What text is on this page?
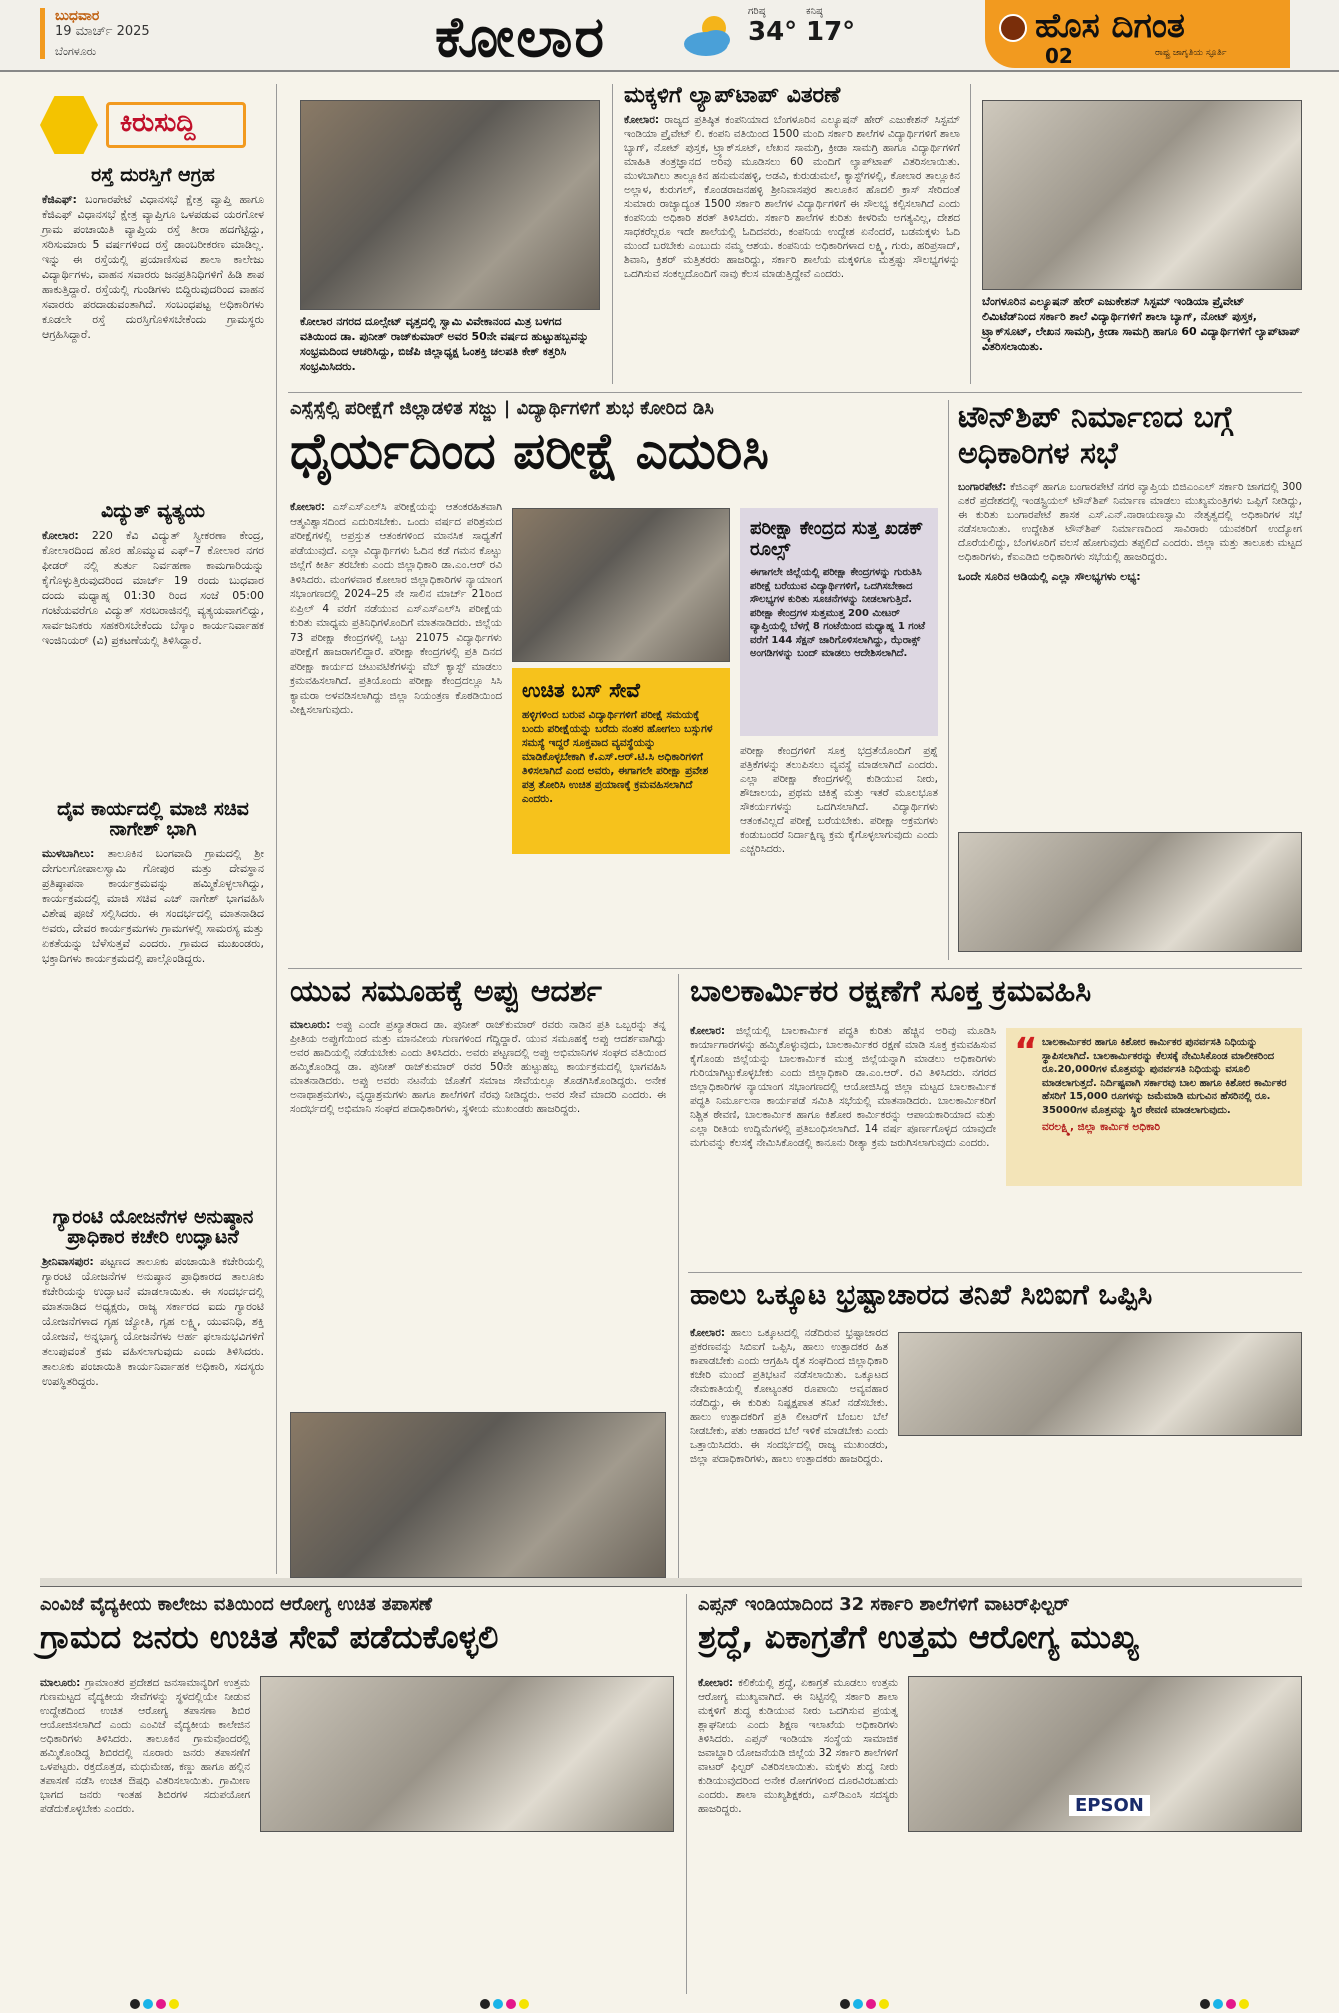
ಬುಧವಾರ
19 ಮಾರ್ಚ್ 2025
ಬೆಂಗಳೂರು	ಕೋಲಾರ	ಗರಿಷ್ಠ
34°
ಕನಿಷ್ಠ
17°	ಹೊಸ ದಿಗಂತ
ರಾಷ್ಟ್ರ ಜಾಗೃತಿಯ ಸ್ಫೂರ್ತಿ
02
ಕಿರುಸುದ್ದಿ
ರಸ್ತೆ ದುರಸ್ತಿಗೆ ಆಗ್ರಹ
ಕೆಜಿಎಫ್: ಬಂಗಾರಪೇಟೆ ವಿಧಾನಸಭೆ ಕ್ಷೇತ್ರ ವ್ಯಾಪ್ತಿ ಹಾಗೂ ಕೆಜಿಎಫ್ ವಿಧಾನಸಭೆ ಕ್ಷೇತ್ರ ವ್ಯಾಪ್ತಿಗೂ ಒಳಪಡುವ ಯರಗೋಳ ಗ್ರಾಮ ಪಂಚಾಯಿತಿ ವ್ಯಾಪ್ತಿಯ ರಸ್ತೆ ತೀರಾ ಹದಗೆಟ್ಟಿದ್ದು, ಸರಿಸುಮಾರು 5 ವರ್ಷಗಳಿಂದ ರಸ್ತೆ ಡಾಂಬರೀಕರಣ ಮಾಡಿಲ್ಲ. ಇನ್ನು ಈ ರಸ್ತೆಯಲ್ಲಿ ಪ್ರಯಾಣಿಸುವ ಶಾಲಾ ಕಾಲೇಜು ವಿದ್ಯಾರ್ಥಿಗಳು, ವಾಹನ ಸವಾರರು ಜನಪ್ರತಿನಿಧಿಗಳಿಗೆ ಹಿಡಿ ಶಾಪ ಹಾಕುತ್ತಿದ್ದಾರೆ. ರಸ್ತೆಯಲ್ಲಿ ಗುಂಡಿಗಳು ಬಿದ್ದಿರುವುದರಿಂದ ವಾಹನ ಸವಾರರು ಪರದಾಡುವಂತಾಗಿದೆ. ಸಂಬಂಧಪಟ್ಟ ಅಧಿಕಾರಿಗಳು ಕೂಡಲೇ ರಸ್ತೆ ದುರಸ್ತಿಗೊಳಿಸಬೇಕೆಂದು ಗ್ರಾಮಸ್ಥರು ಆಗ್ರಹಿಸಿದ್ದಾರೆ.
ವಿದ್ಯುತ್ ವ್ಯತ್ಯಯ
ಕೋಲಾರ: 220 ಕೆವಿ ವಿದ್ಯುತ್ ಸ್ವೀಕರಣಾ ಕೇಂದ್ರ, ಕೋಲಾರದಿಂದ ಹೊರ ಹೊಮ್ಮುವ ಎಫ್–7 ಕೋಲಾರ ನಗರ ಫೀಡರ್ ನಲ್ಲಿ ತುರ್ತು ನಿರ್ವಹಣಾ ಕಾಮಗಾರಿಯನ್ನು ಕೈಗೊಳ್ಳುತ್ತಿರುವುದರಿಂದ ಮಾರ್ಚ್ 19 ರಂದು ಬುಧವಾರ ದಂದು ಮಧ್ಯಾಹ್ನ 01:30 ರಿಂದ ಸಂಜೆ 05:00 ಗಂಟೆಯವರೆಗೂ ವಿದ್ಯುತ್ ಸರಬರಾಜಿನಲ್ಲಿ ವ್ಯತ್ಯಯವಾಗಲಿದ್ದು, ಸಾರ್ವಜನಿಕರು ಸಹಕರಿಸಬೇಕೆಂದು ಬೆಸ್ಕಾಂ ಕಾರ್ಯನಿರ್ವಾಹಕ ಇಂಜಿನಿಯರ್ (ವಿ) ಪ್ರಕಟಣೆಯಲ್ಲಿ ತಿಳಿಸಿದ್ದಾರೆ.
ದೈವ ಕಾರ್ಯದಲ್ಲಿ ಮಾಜಿ ಸಚಿವ ನಾಗೇಶ್ ಭಾಗಿ
ಮುಳಬಾಗಿಲು: ತಾಲೂಕಿನ ಬಂಗವಾದಿ ಗ್ರಾಮದಲ್ಲಿ ಶ್ರೀ ದೇಗುಲಗೋಪಾಲಸ್ವಾಮಿ ಗೋಪುರ ಮತ್ತು ದೇವಸ್ಥಾನ ಪ್ರತಿಷ್ಠಾಪನಾ ಕಾರ್ಯಕ್ರಮವನ್ನು ಹಮ್ಮಿಕೊಳ್ಳಲಾಗಿದ್ದು, ಕಾರ್ಯಕ್ರಮದಲ್ಲಿ ಮಾಜಿ ಸಚಿವ ಎಚ್ ನಾಗೇಶ್ ಭಾಗವಹಿಸಿ ವಿಶೇಷ ಪೂಜೆ ಸಲ್ಲಿಸಿದರು. ಈ ಸಂದರ್ಭದಲ್ಲಿ ಮಾತನಾಡಿದ ಅವರು, ದೇವರ ಕಾರ್ಯಕ್ರಮಗಳು ಗ್ರಾಮಗಳಲ್ಲಿ ಸಾಮರಸ್ಯ ಮತ್ತು ಏಕತೆಯನ್ನು ಬೆಳೆಸುತ್ತವೆ ಎಂದರು. ಗ್ರಾಮದ ಮುಖಂಡರು, ಭಕ್ತಾದಿಗಳು ಕಾರ್ಯಕ್ರಮದಲ್ಲಿ ಪಾಲ್ಗೊಂಡಿದ್ದರು.
ಗ್ಯಾರಂಟಿ ಯೋಜನೆಗಳ ಅನುಷ್ಠಾನ ಪ್ರಾಧಿಕಾರ ಕಚೇರಿ ಉದ್ಘಾಟನೆ
ಶ್ರೀನಿವಾಸಪುರ: ಪಟ್ಟಣದ ತಾಲೂಕು ಪಂಚಾಯಿತಿ ಕಚೇರಿಯಲ್ಲಿ ಗ್ಯಾರಂಟಿ ಯೋಜನೆಗಳ ಅನುಷ್ಠಾನ ಪ್ರಾಧಿಕಾರದ ತಾಲೂಕು ಕಚೇರಿಯನ್ನು ಉದ್ಘಾಟನೆ ಮಾಡಲಾಯಿತು. ಈ ಸಂದರ್ಭದಲ್ಲಿ ಮಾತನಾಡಿದ ಅಧ್ಯಕ್ಷರು, ರಾಜ್ಯ ಸರ್ಕಾರದ ಐದು ಗ್ಯಾರಂಟಿ ಯೋಜನೆಗಳಾದ ಗೃಹ ಜ್ಯೋತಿ, ಗೃಹ ಲಕ್ಷ್ಮಿ, ಯುವನಿಧಿ, ಶಕ್ತಿ ಯೋಜನೆ, ಅನ್ನಭಾಗ್ಯ ಯೋಜನೆಗಳು ಅರ್ಹ ಫಲಾನುಭವಿಗಳಿಗೆ ತಲುಪುವಂತೆ ಕ್ರಮ ವಹಿಸಲಾಗುವುದು ಎಂದು ತಿಳಿಸಿದರು. ತಾಲೂಕು ಪಂಚಾಯಿತಿ ಕಾರ್ಯನಿರ್ವಾಹಕ ಅಧಿಕಾರಿ, ಸದಸ್ಯರು ಉಪಸ್ಥಿತರಿದ್ದರು.
ಕೋಲಾರ ನಗರದ ದೂಲ್ಸೇಟ್ ವೃತ್ತದಲ್ಲಿ ಸ್ವಾಮಿ ವಿವೇಕಾನಂದ ಮಿತ್ರ ಬಳಗದ ವತಿಯಿಂದ ಡಾ. ಪುನೀತ್ ರಾಜ್‌ಕುಮಾರ್ ಅವರ 50ನೇ ವರ್ಷದ ಹುಟ್ಟುಹಬ್ಬವನ್ನು ಸಂಭ್ರಮದಿಂದ ಆಚರಿಸಿದ್ದು, ಬಿಜೆಪಿ ಜಿಲ್ಲಾಧ್ಯಕ್ಷ ಓಂಶಕ್ತಿ ಚಲಪತಿ ಕೇಕ್ ಕತ್ತರಿಸಿ ಸಂಭ್ರಮಿಸಿದರು.
ಮಕ್ಕಳಿಗೆ ಲ್ಯಾಪ್‌ಟಾಪ್ ವಿತರಣೆ
ಕೋಲಾರ: ರಾಜ್ಯದ ಪ್ರತಿಷ್ಠಿತ ಕಂಪನಿಯಾದ ಬೆಂಗಳೂರಿನ ಎಲ್ಯೂಷನ್ ಹೇರ್ ಎಜುಕೇಶನ್ ಸಿಸ್ಟಮ್ ಇಂಡಿಯಾ ಪ್ರೈವೇಟ್ ಲಿ. ಕಂಪನಿ ವತಿಯಿಂದ 1500 ಮಂದಿ ಸರ್ಕಾರಿ ಶಾಲೆಗಳ ವಿದ್ಯಾರ್ಥಿಗಳಿಗೆ ಶಾಲಾ ಬ್ಯಾಗ್, ನೋಟ್ ಪುಸ್ತಕ, ಟ್ರ್ಯಾಕ್‌ಸೂಟ್, ಲೇಖನ ಸಾಮಗ್ರಿ, ಕ್ರೀಡಾ ಸಾಮಗ್ರಿ ಹಾಗೂ ವಿದ್ಯಾರ್ಥಿಗಳಿಗೆ ಮಾಹಿತಿ ತಂತ್ರಜ್ಞಾನದ ಅರಿವು ಮೂಡಿಸಲು 60 ಮಂದಿಗೆ ಲ್ಯಾಪ್‌ಟಾಪ್ ವಿತರಿಸಲಾಯಿತು. ಮುಳಬಾಗಿಲು ತಾಲ್ಲೂಕಿನ ಹನುಮನಹಳ್ಳಿ, ಅಡವಿ, ಕುರುಡುಮಲೆ, ಕ್ಯಾಸ್ಟ್‌ಗಳಲ್ಲಿ, ಕೋಲಾರ ತಾಲ್ಲೂಕಿನ ಅಲ್ಲಾಳ, ಕುರುಗಲ್, ಕೊಂಡರಾಜನಹಳ್ಳಿ ಶ್ರೀನಿವಾಸಪುರ ತಾಲೂಕಿನ ಹೊದಲಿ ಕ್ರಾಸ್ ಸೇರಿದಂತೆ ಸುಮಾರು ರಾಜ್ಯಾದ್ಯಂತ 1500 ಸರ್ಕಾರಿ ಶಾಲೆಗಳ ವಿದ್ಯಾರ್ಥಿಗಳಿಗೆ ಈ ಸೌಲಭ್ಯ ಕಲ್ಪಿಸಲಾಗಿದೆ ಎಂದು ಕಂಪನಿಯ ಅಧಿಕಾರಿ ಶರತ್ ತಿಳಿಸಿದರು. ಸರ್ಕಾರಿ ಶಾಲೆಗಳ ಕುರಿತು ಕೀಳರಿಮೆ ಅಗತ್ಯವಿಲ್ಲ, ದೇಶದ ಸಾಧಕರೆಲ್ಲರೂ ಇದೇ ಶಾಲೆಯಲ್ಲಿ ಓದಿದವರು, ಕಂಪನಿಯ ಉದ್ದೇಶ ಏನೆಂದರೆ, ಬಡಮಕ್ಕಳು ಓದಿ ಮುಂದೆ ಬರಬೇಕು ಎಂಬುದು ನಮ್ಮ ಆಶಯ. ಕಂಪನಿಯ ಅಧಿಕಾರಿಗಳಾದ ಲಕ್ಷ್ಮಿ, ಗುರು, ಹರಿಪ್ರಸಾದ್, ಶಿವಾನಿ, ಕ್ರಿಶರ್ ಮತ್ತಿತರರು ಹಾಜರಿದ್ದು, ಸರ್ಕಾರಿ ಶಾಲೆಯ ಮಕ್ಕಳಿಗೂ ಮತ್ತಷ್ಟು ಸೌಲಭ್ಯಗಳನ್ನು ಒದಗಿಸುವ ಸಂಕಲ್ಪದೊಂದಿಗೆ ನಾವು ಕೆಲಸ ಮಾಡುತ್ತಿದ್ದೇವೆ ಎಂದರು.
ಬೆಂಗಳೂರಿನ ಎಲ್ಯೂಷನ್ ಹೇರ್ ಎಜುಕೇಶನ್ ಸಿಸ್ಟಮ್ ಇಂಡಿಯಾ ಪ್ರೈವೇಟ್ ಲಿಮಿಟೆಡ್‌ನಿಂದ ಸರ್ಕಾರಿ ಶಾಲೆ ವಿದ್ಯಾರ್ಥಿಗಳಿಗೆ ಶಾಲಾ ಬ್ಯಾಗ್, ನೋಟ್ ಪುಸ್ತಕ, ಟ್ರ್ಯಾಕ್‌ಸೂಟ್, ಲೇಖನ ಸಾಮಗ್ರಿ, ಕ್ರೀಡಾ ಸಾಮಗ್ರಿ ಹಾಗೂ 60 ವಿದ್ಯಾರ್ಥಿಗಳಿಗೆ ಲ್ಯಾಪ್‌ಟಾಪ್ ವಿತರಿಸಲಾಯಿತು.
ಎಸ್ಸೆಸ್ಸೆಲ್ಸಿ ಪರೀಕ್ಷೆಗೆ ಜಿಲ್ಲಾಡಳಿತ ಸಜ್ಜು | ವಿದ್ಯಾರ್ಥಿಗಳಿಗೆ ಶುಭ ಕೋರಿದ ಡಿಸಿ
ಧೈರ್ಯದಿಂದ ಪರೀಕ್ಷೆ ಎದುರಿಸಿ
ಕೋಲಾರ: ಎಸ್ಎಸ್ಎಲ್‌ಸಿ ಪರೀಕ್ಷೆಯನ್ನು ಆತಂಕರಹಿತವಾಗಿ ಆತ್ಮವಿಶ್ವಾಸದಿಂದ ಎದುರಿಸಬೇಕು. ಒಂದು ವರ್ಷದ ಪರಿಶ್ರಮದ ಪರೀಕ್ಷೆಗಳಲ್ಲಿ ಅಪ್ರಸ್ತುತ ಆತಂಕಗಳಿಂದ ಮಾನಸಿಕ ಸಾಧ್ಯತೆಗೆ ಪಡೆಯುವುದೆ. ಎಲ್ಲಾ ವಿದ್ಯಾರ್ಥಿಗಳು ಓದಿನ ಕಡೆ ಗಮನ ಕೊಟ್ಟು ಜಿಲ್ಲೆಗೆ ಕೀರ್ತಿ ತರಬೇಕು ಎಂದು ಜಿಲ್ಲಾಧಿಕಾರಿ ಡಾ.ಎಂ.ಆರ್ ರವಿ ತಿಳಿಸಿದರು. ಮಂಗಳವಾರ ಕೋಲಾರ ಜಿಲ್ಲಾಧಿಕಾರಿಗಳ ನ್ಯಾಯಾಂಗ ಸಭಾಂಗಣದಲ್ಲಿ 2024–25 ನೇ ಸಾಲಿನ ಮಾರ್ಚ್ 21ರಿಂದ ಏಪ್ರಿಲ್ 4 ವರೆಗೆ ನಡೆಯುವ ಎಸ್ಎಸ್ಎಲ್‌ಸಿ ಪರೀಕ್ಷೆಯ ಕುರಿತು ಮಾಧ್ಯಮ ಪ್ರತಿನಿಧಿಗಳೊಂದಿಗೆ ಮಾತನಾಡಿದರು. ಜಿಲ್ಲೆಯ 73 ಪರೀಕ್ಷಾ ಕೇಂದ್ರಗಳಲ್ಲಿ ಒಟ್ಟು 21075 ವಿದ್ಯಾರ್ಥಿಗಳು ಪರೀಕ್ಷೆಗೆ ಹಾಜರಾಗಲಿದ್ದಾರೆ. ಪರೀಕ್ಷಾ ಕೇಂದ್ರಗಳಲ್ಲಿ ಪ್ರತಿ ದಿನದ ಪರೀಕ್ಷಾ ಕಾರ್ಯದ ಚಟುವಟಿಕೆಗಳನ್ನು ವೆಬ್ ಕ್ಯಾಸ್ಟ್ ಮಾಡಲು ಕ್ರಮವಹಿಸಲಾಗಿದೆ. ಪ್ರತಿಯೊಂದು ಪರೀಕ್ಷಾ ಕೇಂದ್ರದಲ್ಲೂ ಸಿಸಿ ಕ್ಯಾಮರಾ ಅಳವಡಿಸಲಾಗಿದ್ದು ಜಿಲ್ಲಾ ನಿಯಂತ್ರಣ ಕೊಠಡಿಯಿಂದ ವೀಕ್ಷಿಸಲಾಗುವುದು.
ಉಚಿತ ಬಸ್ ಸೇವೆ
ಹಳ್ಳಿಗಳಿಂದ ಬರುವ ವಿದ್ಯಾರ್ಥಿಗಳಿಗೆ ಪರೀಕ್ಷೆ ಸಮಯಕ್ಕೆ ಬಂದು ಪರೀಕ್ಷೆಯನ್ನು ಬರೆದು ನಂತರ ಹೋಗಲು ಬಸ್ಸುಗಳ ಸಮಸ್ಯೆ ಇದ್ದರೆ ಸೂಕ್ತವಾದ ವ್ಯವಸ್ಥೆಯನ್ನು ಮಾಡಿಕೊಳ್ಳಬೇಕಾಗಿ ಕೆ.ಎಸ್.ಆರ್.ಟಿ.ಸಿ ಅಧಿಕಾರಿಗಳಿಗೆ ತಿಳಿಸಲಾಗಿದೆ ಎಂದ ಅವರು, ಈಗಾಗಲೇ ಪರೀಕ್ಷಾ ಪ್ರವೇಶ ಪತ್ರ ತೋರಿಸಿ ಉಚಿತ ಪ್ರಯಾಣಕ್ಕೆ ಕ್ರಮವಹಿಸಲಾಗಿದೆ ಎಂದರು.
ಪರೀಕ್ಷಾ ಕೇಂದ್ರದ ಸುತ್ತ ಖಡಕ್ ರೂಲ್ಸ್
ಈಗಾಗಲೇ ಜಿಲ್ಲೆಯಲ್ಲಿ ಪರೀಕ್ಷಾ ಕೇಂದ್ರಗಳನ್ನು ಗುರುತಿಸಿ ಪರೀಕ್ಷೆ ಬರೆಯುವ ವಿದ್ಯಾರ್ಥಿಗಳಿಗೆ, ಒದಗಿಸಬೇಕಾದ ಸೌಲಭ್ಯಗಳ ಕುರಿತು ಸೂಚನೆಗಳನ್ನು ನೀಡಲಾಗುತ್ತಿದೆ. ಪರೀಕ್ಷಾ ಕೇಂದ್ರಗಳ ಸುತ್ತಮುತ್ತ 200 ಮೀಟರ್ ವ್ಯಾಪ್ತಿಯಲ್ಲಿ ಬೆಳಗ್ಗೆ 8 ಗಂಟೆಯಿಂದ ಮಧ್ಯಾಹ್ನ 1 ಗಂಟೆ ವರೆಗೆ 144 ಸೆಕ್ಷನ್ ಜಾರಿಗೊಳಿಸಲಾಗಿದ್ದು, ಝೆರಾಕ್ಸ್ ಅಂಗಡಿಗಳನ್ನು ಬಂದ್ ಮಾಡಲು ಆದೇಶಿಸಲಾಗಿದೆ.
ಪರೀಕ್ಷಾ ಕೇಂದ್ರಗಳಿಗೆ ಸೂಕ್ತ ಭದ್ರತೆಯೊಂದಿಗೆ ಪ್ರಶ್ನೆ ಪತ್ರಿಕೆಗಳನ್ನು ತಲುಪಿಸಲು ವ್ಯವಸ್ಥೆ ಮಾಡಲಾಗಿದೆ ಎಂದರು. ಎಲ್ಲಾ ಪರೀಕ್ಷಾ ಕೇಂದ್ರಗಳಲ್ಲಿ ಕುಡಿಯುವ ನೀರು, ಶೌಚಾಲಯ, ಪ್ರಥಮ ಚಿಕಿತ್ಸೆ ಮತ್ತು ಇತರೆ ಮೂಲಭೂತ ಸೌಕರ್ಯಗಳನ್ನು ಒದಗಿಸಲಾಗಿದೆ. ವಿದ್ಯಾರ್ಥಿಗಳು ಆತಂಕವಿಲ್ಲದೆ ಪರೀಕ್ಷೆ ಬರೆಯಬೇಕು. ಪರೀಕ್ಷಾ ಅಕ್ರಮಗಳು ಕಂಡುಬಂದರೆ ನಿರ್ದಾಕ್ಷಿಣ್ಯ ಕ್ರಮ ಕೈಗೊಳ್ಳಲಾಗುವುದು ಎಂದು ಎಚ್ಚರಿಸಿದರು.
ಟೌನ್‌ಶಿಪ್ ನಿರ್ಮಾಣದ ಬಗ್ಗೆ ಅಧಿಕಾರಿಗಳ ಸಭೆ
ಬಂಗಾರಪೇಟೆ: ಕೆಜಿಎಫ್ ಹಾಗೂ ಬಂಗಾರಪೇಟೆ ನಗರ ವ್ಯಾಪ್ತಿಯ ಬಿಜಿಎಂಎಲ್ ಸರ್ಕಾರಿ ಜಾಗದಲ್ಲಿ 300 ಎಕರೆ ಪ್ರದೇಶದಲ್ಲಿ ಇಂಡಸ್ಟ್ರಿಯಲ್ ಟೌನ್‌ಶಿಪ್ ನಿರ್ಮಾಣ ಮಾಡಲು ಮುಖ್ಯಮಂತ್ರಿಗಳು ಒಪ್ಪಿಗೆ ನೀಡಿದ್ದು, ಈ ಕುರಿತು ಬಂಗಾರಪೇಟೆ ಶಾಸಕ ಎಸ್.ಎನ್.ನಾರಾಯಣಸ್ವಾಮಿ ನೇತೃತ್ವದಲ್ಲಿ ಅಧಿಕಾರಿಗಳ ಸಭೆ ನಡೆಸಲಾಯಿತು. ಉದ್ದೇಶಿತ ಟೌನ್‌ಶಿಪ್ ನಿರ್ಮಾಣದಿಂದ ಸಾವಿರಾರು ಯುವಕರಿಗೆ ಉದ್ಯೋಗ ದೊರೆಯಲಿದ್ದು, ಬೆಂಗಳೂರಿಗೆ ವಲಸೆ ಹೋಗುವುದು ತಪ್ಪಲಿದೆ ಎಂದರು. ಜಿಲ್ಲಾ ಮತ್ತು ತಾಲೂಕು ಮಟ್ಟದ ಅಧಿಕಾರಿಗಳು, ಕೆಐಎಡಿಬಿ ಅಧಿಕಾರಿಗಳು ಸಭೆಯಲ್ಲಿ ಹಾಜರಿದ್ದರು.
ಒಂದೇ ಸೂರಿನ ಅಡಿಯಲ್ಲಿ ಎಲ್ಲಾ ಸೌಲಭ್ಯಗಳು ಲಭ್ಯ:
ಯುವ ಸಮೂಹಕ್ಕೆ ಅಪ್ಪು ಆದರ್ಶ
ಮಾಲೂರು: ಅಪ್ಪು ಎಂದೇ ಪ್ರಖ್ಯಾತರಾದ ಡಾ. ಪುನೀತ್ ರಾಜ್‌ಕುಮಾರ್ ರವರು ನಾಡಿನ ಪ್ರತಿ ಒಬ್ಬರನ್ನು ತನ್ನ ಪ್ರೀತಿಯ ಅಪ್ಪುಗೆಯಿಂದ ಮತ್ತು ಮಾನವೀಯ ಗುಣಗಳಿಂದ ಗೆದ್ದಿದ್ದಾರೆ. ಯುವ ಸಮೂಹಕ್ಕೆ ಅಪ್ಪು ಆದರ್ಶವಾಗಿದ್ದು ಅವರ ಹಾದಿಯಲ್ಲಿ ನಡೆಯಬೇಕು ಎಂದು ತಿಳಿಸಿದರು. ಅವರು ಪಟ್ಟಣದಲ್ಲಿ ಅಪ್ಪು ಅಭಿಮಾನಿಗಳ ಸಂಘದ ವತಿಯಿಂದ ಹಮ್ಮಿಕೊಂಡಿದ್ದ ಡಾ. ಪುನೀತ್ ರಾಜ್‌ಕುಮಾರ್ ರವರ 50ನೇ ಹುಟ್ಟುಹಬ್ಬ ಕಾರ್ಯಕ್ರಮದಲ್ಲಿ ಭಾಗವಹಿಸಿ ಮಾತನಾಡಿದರು. ಅಪ್ಪು ಅವರು ನಟನೆಯ ಜೊತೆಗೆ ಸಮಾಜ ಸೇವೆಯಲ್ಲೂ ತೊಡಗಿಸಿಕೊಂಡಿದ್ದರು. ಅನೇಕ ಅನಾಥಾಶ್ರಮಗಳು, ವೃದ್ಧಾಶ್ರಮಗಳು ಹಾಗೂ ಶಾಲೆಗಳಿಗೆ ನೆರವು ನೀಡಿದ್ದರು. ಅವರ ಸೇವೆ ಮಾದರಿ ಎಂದರು. ಈ ಸಂದರ್ಭದಲ್ಲಿ ಅಭಿಮಾನಿ ಸಂಘದ ಪದಾಧಿಕಾರಿಗಳು, ಸ್ಥಳೀಯ ಮುಖಂಡರು ಹಾಜರಿದ್ದರು.
ಬಾಲಕಾರ್ಮಿಕರ ರಕ್ಷಣೆಗೆ ಸೂಕ್ತ ಕ್ರಮವಹಿಸಿ
ಕೋಲಾರ: ಜಿಲ್ಲೆಯಲ್ಲಿ ಬಾಲಕಾರ್ಮಿಕ ಪದ್ಧತಿ ಕುರಿತು ಹೆಚ್ಚಿನ ಅರಿವು ಮೂಡಿಸಿ ಕಾರ್ಯಾಗಾರಗಳನ್ನು ಹಮ್ಮಿಕೊಳ್ಳುವುದು, ಬಾಲಕಾರ್ಮಿಕರ ರಕ್ಷಣೆ ಮಾಡಿ ಸೂಕ್ತ ಕ್ರಮವಹಿಸುವ ಕೈಗೊಂಡು ಜಿಲ್ಲೆಯನ್ನು ಬಾಲಕಾರ್ಮಿಕ ಮುಕ್ತ ಜಿಲ್ಲೆಯನ್ನಾಗಿ ಮಾಡಲು ಅಧಿಕಾರಿಗಳು ಗುರಿಯಾಗಿಟ್ಟುಕೊಳ್ಳಬೇಕು ಎಂದು ಜಿಲ್ಲಾಧಿಕಾರಿ ಡಾ.ಎಂ.ಆರ್. ರವಿ ತಿಳಿಸಿದರು. ನಗರದ ಜಿಲ್ಲಾಧಿಕಾರಿಗಳ ನ್ಯಾಯಾಂಗ ಸಭಾಂಗಣದಲ್ಲಿ ಆಯೋಜಿಸಿದ್ದ ಜಿಲ್ಲಾ ಮಟ್ಟದ ಬಾಲಕಾರ್ಮಿಕ ಪದ್ಧತಿ ನಿರ್ಮೂಲನಾ ಕಾರ್ಯಪಡೆ ಸಮಿತಿ ಸಭೆಯಲ್ಲಿ ಮಾತನಾಡಿದರು. ಬಾಲಕಾರ್ಮಿಕರಿಗೆ ನಿಶ್ಚಿತ ಠೇವಣಿ, ಬಾಲಕಾರ್ಮಿಕ ಹಾಗೂ ಕಿಶೋರ ಕಾರ್ಮಿಕರನ್ನು ಆಪಾಯಕಾರಿಯಾದ ಮತ್ತು ಎಲ್ಲಾ ರೀತಿಯ ಉದ್ದಿಮೆಗಳಲ್ಲಿ ಪ್ರತಿಬಂಧಿಸಲಾಗಿದೆ. 14 ವರ್ಷ ಪೂರ್ಣಗೊಳ್ಳದ ಯಾವುದೇ ಮಗುವನ್ನು ಕೆಲಸಕ್ಕೆ ನೇಮಿಸಿಕೊಂಡಲ್ಲಿ ಕಾನೂನು ರೀತ್ಯಾ ಕ್ರಮ ಜರುಗಿಸಲಾಗುವುದು ಎಂದರು.
“ ಬಾಲಕಾರ್ಮಿಕರ ಹಾಗೂ ಕಿಶೋರ ಕಾರ್ಮಿಕರ ಪುನರ್ವಸತಿ ನಿಧಿಯನ್ನು ಸ್ಥಾಪಿಸಲಾಗಿದೆ. ಬಾಲಕಾರ್ಮಿಕರನ್ನು ಕೆಲಸಕ್ಕೆ ನೇಮಿಸಿಕೊಂಡ ಮಾಲೀಕರಿಂದ ರೂ.20,000ಗಳ ಮೊತ್ತವನ್ನು ಪುನರ್ವಸತಿ ನಿಧಿಯನ್ನು ವಸೂಲಿ ಮಾಡಲಾಗುತ್ತದೆ. ನಿರ್ದಿಷ್ಟವಾಗಿ ಸರ್ಕಾರವು ಬಾಲ ಹಾಗೂ ಕಿಶೋರ ಕಾರ್ಮಿಕರ ಹೆಸರಿಗೆ 15,000 ರೂಗಳನ್ನು ಜಮೆಮಾಡಿ ಮಗುವಿನ ಹೆಸರಿನಲ್ಲಿ ರೂ. 35000ಗಳ ಮೊತ್ತವನ್ನು ಸ್ಥಿರ ಠೇವಣಿ ಮಾಡಲಾಗುವುದು.
ವರಲಕ್ಷ್ಮಿ, ಜಿಲ್ಲಾ ಕಾರ್ಮಿಕ ಅಧಿಕಾರಿ
ಹಾಲು ಒಕ್ಕೂಟ ಭ್ರಷ್ಟಾಚಾರದ ತನಿಖೆ ಸಿಬಿಐಗೆ ಒಪ್ಪಿಸಿ
ಕೋಲಾರ: ಹಾಲು ಒಕ್ಕೂಟದಲ್ಲಿ ನಡೆದಿರುವ ಭ್ರಷ್ಟಾಚಾರದ ಪ್ರಕರಣವನ್ನು ಸಿಬಿಐಗೆ ಒಪ್ಪಿಸಿ, ಹಾಲು ಉತ್ಪಾದಕರ ಹಿತ ಕಾಪಾಡಬೇಕು ಎಂದು ಆಗ್ರಹಿಸಿ ರೈತ ಸಂಘದಿಂದ ಜಿಲ್ಲಾಧಿಕಾರಿ ಕಚೇರಿ ಮುಂದೆ ಪ್ರತಿಭಟನೆ ನಡೆಸಲಾಯಿತು. ಒಕ್ಕೂಟದ ನೇಮಕಾತಿಯಲ್ಲಿ ಕೋಟ್ಯಂತರ ರೂಪಾಯಿ ಅವ್ಯವಹಾರ ನಡೆದಿದ್ದು, ಈ ಕುರಿತು ನಿಷ್ಪಕ್ಷಪಾತ ತನಿಖೆ ನಡೆಸಬೇಕು. ಹಾಲು ಉತ್ಪಾದಕರಿಗೆ ಪ್ರತಿ ಲೀಟರ್‌ಗೆ ಬೆಂಬಲ ಬೆಲೆ ನೀಡಬೇಕು, ಪಶು ಆಹಾರದ ಬೆಲೆ ಇಳಿಕೆ ಮಾಡಬೇಕು ಎಂದು ಒತ್ತಾಯಿಸಿದರು. ಈ ಸಂದರ್ಭದಲ್ಲಿ ರಾಜ್ಯ ಮುಖಂಡರು, ಜಿಲ್ಲಾ ಪದಾಧಿಕಾರಿಗಳು, ಹಾಲು ಉತ್ಪಾದಕರು ಹಾಜರಿದ್ದರು.
ಎಂವಿಜೆ ವೈದ್ಯಕೀಯ ಕಾಲೇಜು ವತಿಯಿಂದ ಆರೋಗ್ಯ ಉಚಿತ ತಪಾಸಣೆ
ಗ್ರಾಮದ ಜನರು ಉಚಿತ ಸೇವೆ ಪಡೆದುಕೊಳ್ಳಲಿ
ಮಾಲೂರು: ಗ್ರಾಮಾಂತರ ಪ್ರದೇಶದ ಜನಸಾಮಾನ್ಯರಿಗೆ ಉತ್ತಮ ಗುಣಮಟ್ಟದ ವೈದ್ಯಕೀಯ ಸೇವೆಗಳನ್ನು ಸ್ಥಳದಲ್ಲಿಯೇ ನೀಡುವ ಉದ್ದೇಶದಿಂದ ಉಚಿತ ಆರೋಗ್ಯ ತಪಾಸಣಾ ಶಿಬಿರ ಆಯೋಜಿಸಲಾಗಿದೆ ಎಂದು ಎಂವಿಜೆ ವೈದ್ಯಕೀಯ ಕಾಲೇಜಿನ ಅಧಿಕಾರಿಗಳು ತಿಳಿಸಿದರು. ತಾಲೂಕಿನ ಗ್ರಾಮವೊಂದರಲ್ಲಿ ಹಮ್ಮಿಕೊಂಡಿದ್ದ ಶಿಬಿರದಲ್ಲಿ ನೂರಾರು ಜನರು ತಪಾಸಣೆಗೆ ಒಳಪಟ್ಟರು. ರಕ್ತದೊತ್ತಡ, ಮಧುಮೇಹ, ಕಣ್ಣು ಹಾಗೂ ಹಲ್ಲಿನ ತಪಾಸಣೆ ನಡೆಸಿ ಉಚಿತ ಔಷಧಿ ವಿತರಿಸಲಾಯಿತು. ಗ್ರಾಮೀಣ ಭಾಗದ ಜನರು ಇಂತಹ ಶಿಬಿರಗಳ ಸದುಪಯೋಗ ಪಡೆದುಕೊಳ್ಳಬೇಕು ಎಂದರು.
ಎಪ್ಸನ್ ಇಂಡಿಯಾದಿಂದ 32 ಸರ್ಕಾರಿ ಶಾಲೆಗಳಿಗೆ ವಾಟರ್‌ಫಿಲ್ಟರ್
ಶ್ರದ್ಧೆ, ಏಕಾಗ್ರತೆಗೆ ಉತ್ತಮ ಆರೋಗ್ಯ ಮುಖ್ಯ
ಕೋಲಾರ: ಕಲಿಕೆಯಲ್ಲಿ ಶ್ರದ್ಧೆ, ಏಕಾಗ್ರತೆ ಮೂಡಲು ಉತ್ತಮ ಆರೋಗ್ಯ ಮುಖ್ಯವಾಗಿದೆ. ಈ ನಿಟ್ಟಿನಲ್ಲಿ ಸರ್ಕಾರಿ ಶಾಲಾ ಮಕ್ಕಳಿಗೆ ಶುದ್ಧ ಕುಡಿಯುವ ನೀರು ಒದಗಿಸುವ ಪ್ರಯತ್ನ ಶ್ಲಾಘನೀಯ ಎಂದು ಶಿಕ್ಷಣ ಇಲಾಖೆಯ ಅಧಿಕಾರಿಗಳು ತಿಳಿಸಿದರು. ಎಪ್ಸನ್ ಇಂಡಿಯಾ ಸಂಸ್ಥೆಯ ಸಾಮಾಜಿಕ ಜವಾಬ್ದಾರಿ ಯೋಜನೆಯಡಿ ಜಿಲ್ಲೆಯ 32 ಸರ್ಕಾರಿ ಶಾಲೆಗಳಿಗೆ ವಾಟರ್ ಫಿಲ್ಟರ್ ವಿತರಿಸಲಾಯಿತು. ಮಕ್ಕಳು ಶುದ್ಧ ನೀರು ಕುಡಿಯುವುದರಿಂದ ಅನೇಕ ರೋಗಗಳಿಂದ ದೂರವಿರಬಹುದು ಎಂದರು. ಶಾಲಾ ಮುಖ್ಯಶಿಕ್ಷಕರು, ಎಸ್‌ಡಿಎಂಸಿ ಸದಸ್ಯರು ಹಾಜರಿದ್ದರು.	EPSON
